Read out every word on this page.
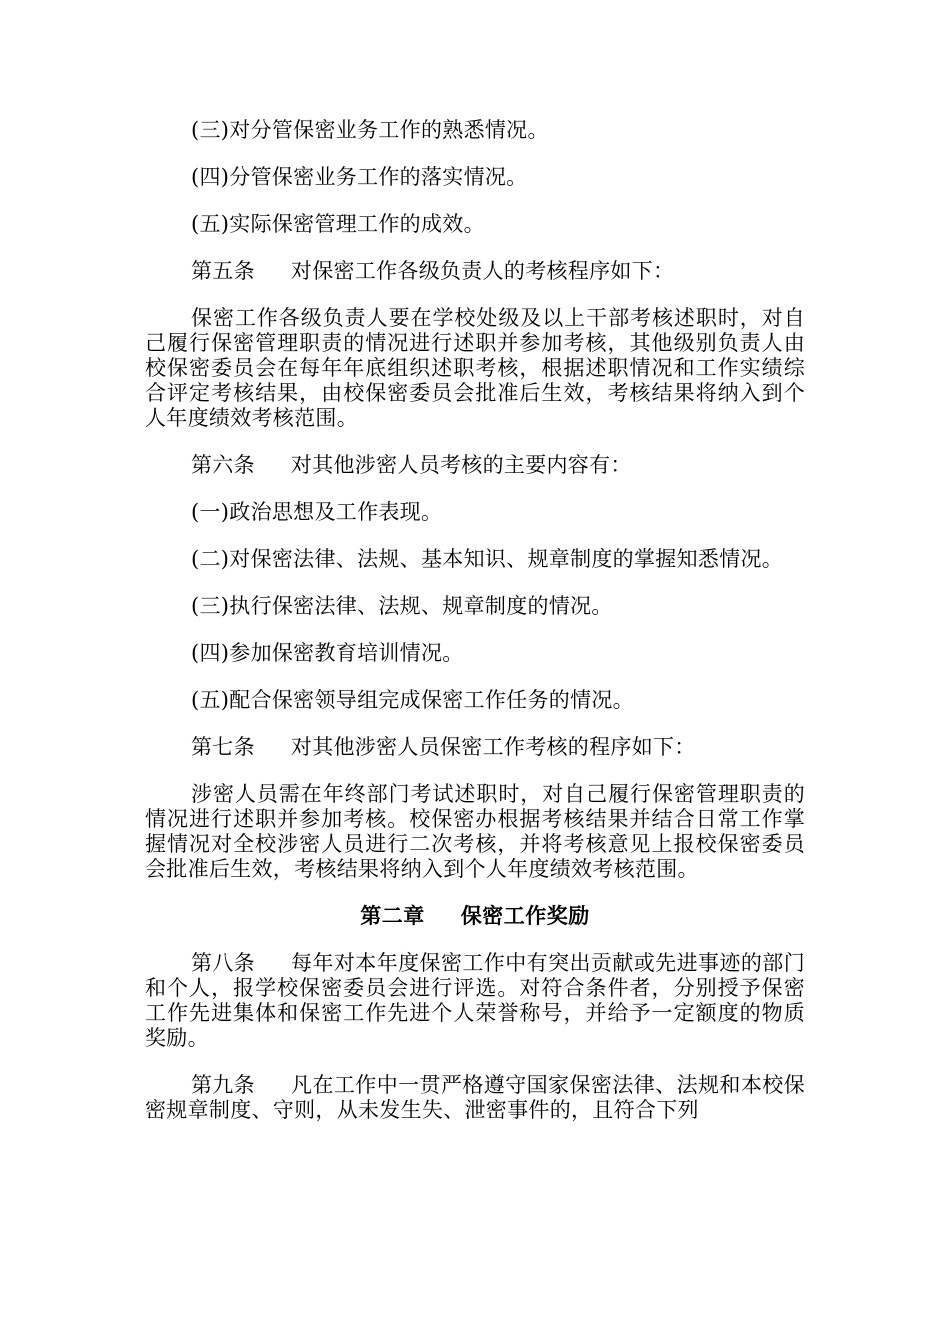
(三)对分管保密业务工作的熟悉情况。

(四)分管保密业务工作的落实情况。

(五)实际保密管理工作的成效。

第五条 对保密工作各级负责人的考核程序如下：

保密工作各级负责人要在学校处级及以上干部考核述职时，对自己履行保密管理职责的情况进行述职并参加考核，其他级别负责人由校保密委员会在每年年底组织述职考核，根据述职情况和工作实绩综合评定考核结果，由校保密委员会批准后生效，考核结果将纳入到个人年度绩效考核范围。

第六条 对其他涉密人员考核的主要内容有：

(一)政治思想及工作表现。

(二)对保密法律、法规、基本知识、规章制度的掌握知悉情况。

(三)执行保密法律、法规、规章制度的情况。

(四)参加保密教育培训情况。

(五)配合保密领导组完成保密工作任务的情况。

第七条 对其他涉密人员保密工作考核的程序如下：

涉密人员需在年终部门考试述职时，对自己履行保密管理职责的情况进行述职并参加考核。校保密办根据考核结果并结合日常工作掌握情况对全校涉密人员进行二次考核，并将考核意见上报校保密委员会批准后生效，考核结果将纳入到个人年度绩效考核范围。

第二章 保密工作奖励

第八条 每年对本年度保密工作中有突出贡献或先进事迹的部门和个人，报学校保密委员会进行评选。对符合条件者，分别授予保密工作先进集体和保密工作先进个人荣誉称号，并给予一定额度的物质奖励。

第九条 凡在工作中一贯严格遵守国家保密法律、法规和本校保密规章制度、守则，从未发生失、泄密事件的，且符合下列
